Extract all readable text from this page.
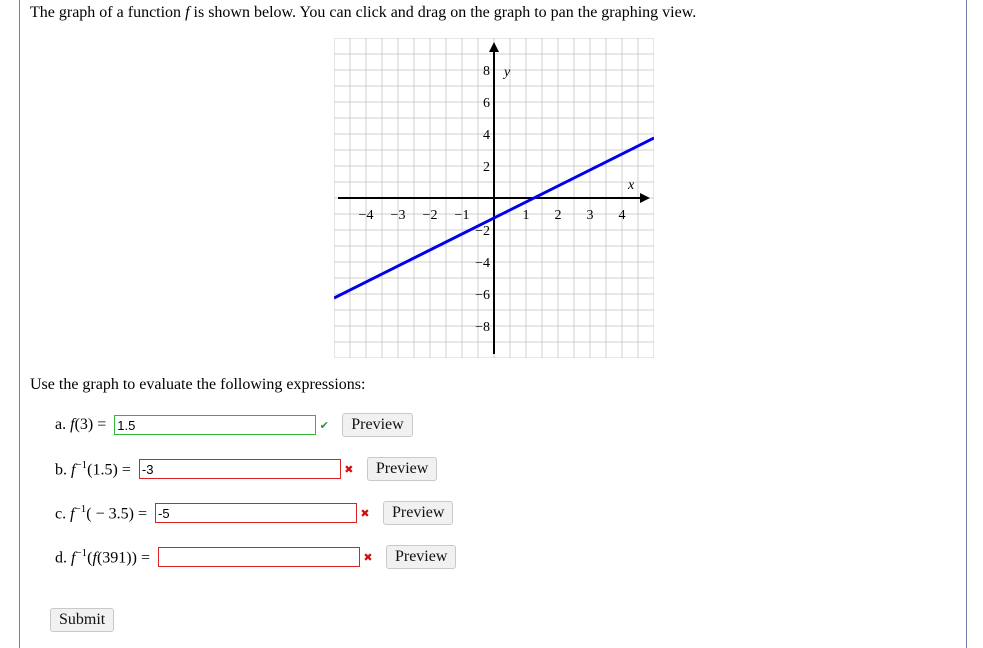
The graph of a function f is shown below. You can click and drag on the graph to pan the graphing view.
−4 −3 −2 −1	1 2 3 4
8
6
4
2
−2
−4
−6
−8
x
y
Use the graph to evaluate the following expressions:
a. f(3) =
1.5	✔	Preview
b. $f^{-1}(1.5)$ =
-3	✖	Preview
c. $f^{-1}( - 3.5)$ =
-5	✖	Preview
d. $f^{-1}(f(391))$ =	✖	Preview
Submit
